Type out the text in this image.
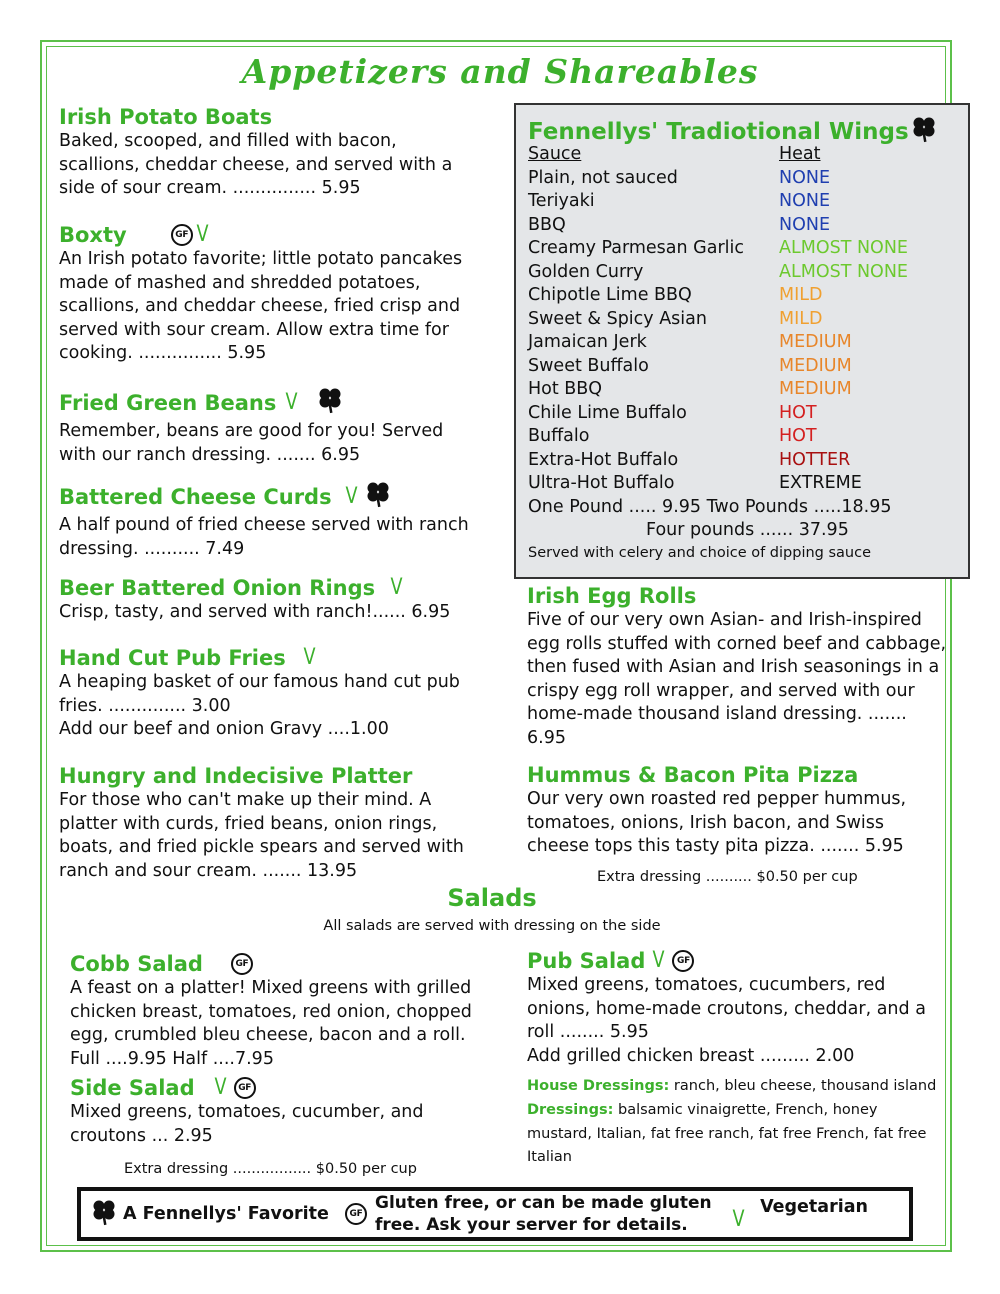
Appetizers and Shareables
Irish Potato Boats
Baked, scooped, and filled with bacon, scallions, cheddar cheese, and served with a side of sour cream. ............... 5.95
Boxty	GF V
An Irish potato favorite; little potato pancakes made of mashed and shredded potatoes, scallions, and cheddar cheese, fried crisp and served with sour cream. Allow extra time for cooking. ............... 5.95
Fried Green Beans V
Remember, beans are good for you! Served with our ranch dressing. ....... 6.95
Battered Cheese Curds V
A half pound of fried cheese served with ranch dressing. .......... 7.49
Beer Battered Onion Rings V
Crisp, tasty, and served with ranch!...... 6.95
Hand Cut Pub Fries V
A heaping basket of our famous hand cut pub fries. .............. 3.00
Add our beef and onion Gravy ....1.00
Hungry and Indecisive Platter
For those who can't make up their mind. A platter with curds, fried beans, onion rings, boats, and fried pickle spears and served with ranch and sour cream. ....... 13.95
Fennellys' Tradiotional Wings
Sauce	Heat
Plain, not sauced	NONE
Teriyaki	NONE
BBQ	NONE
Creamy Parmesan Garlic	ALMOST NONE
Golden Curry	ALMOST NONE
Chipotle Lime BBQ	MILD
Sweet & Spicy Asian	MILD
Jamaican Jerk	MEDIUM
Sweet Buffalo	MEDIUM
Hot BBQ	MEDIUM
Chile Lime Buffalo	HOT
Buffalo	HOT
Extra-Hot Buffalo	HOTTER
Ultra-Hot Buffalo	EXTREME
One Pound ..... 9.95 Two Pounds .....18.95
Four pounds ...... 37.95
Served with celery and choice of dipping sauce
Irish Egg Rolls
Five of our very own Asian- and Irish-inspired egg rolls stuffed with corned beef and cabbage, then fused with Asian and Irish seasonings in a crispy egg roll wrapper, and served with our home-made thousand island dressing. ....... 6.95
Hummus & Bacon Pita Pizza
Our very own roasted red pepper hummus, tomatoes, onions, Irish bacon, and Swiss cheese tops this tasty pita pizza. ....... 5.95
Extra dressing .......... $0.50 per cup
Salads
All salads are served with dressing on the side
Cobb Salad	GF
A feast on a platter! Mixed greens with grilled chicken breast, tomatoes, red onion, chopped egg, crumbled bleu cheese, bacon and a roll. Full ....9.95 Half ....7.95
Side Salad V	GF
Mixed greens, tomatoes, cucumber, and croutons ... 2.95
Extra dressing ................. $0.50 per cup
Pub Salad V	GF
Mixed greens, tomatoes, cucumbers, red onions, home-made croutons, cheddar, and a roll ........ 5.95
Add grilled chicken breast ......... 2.00
House Dressings: ranch, bleu cheese, thousand island
Dressings: balsamic vinaigrette, French, honey mustard, Italian, fat free ranch, fat free French, fat free Italian
A Fennellys' Favorite	GF
Gluten free, or can be made gluten free. Ask your server for details.	V Vegetarian
